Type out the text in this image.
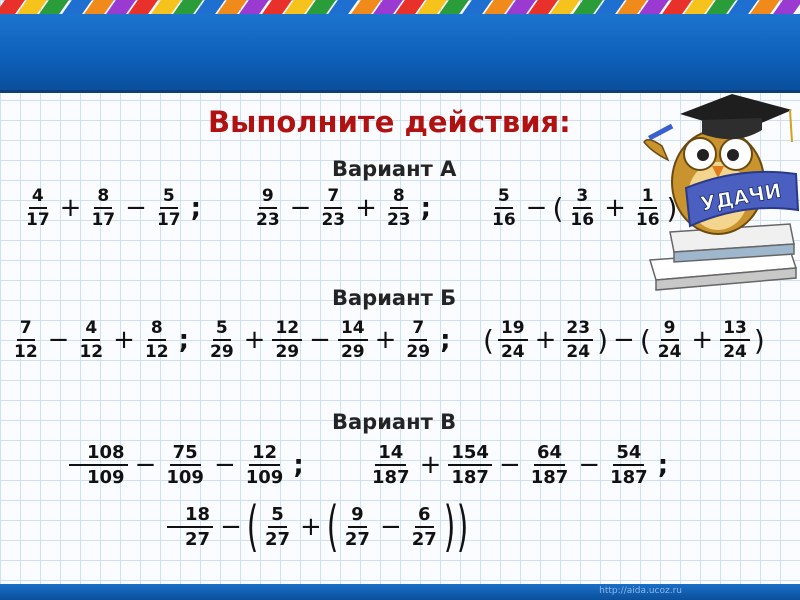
Выполните действия:
Вариант А
$\frac{4}{17} + \frac{8}{17} - \frac{5}{17}$ ;	$\frac{9}{23} - \frac{7}{23} + \frac{8}{23}$ ;	$\frac{5}{16}$ − ( $\frac{3}{16} + \frac{1}{16}$ )
Вариант Б
$\frac{7}{12} - \frac{4}{12} + \frac{8}{12}$ ; $\frac{5}{29} + \frac{12}{29} - \frac{14}{29} + \frac{7}{29}$ ; ( $\frac{19}{24} + \frac{23}{24}$ ) − ( $\frac{9}{24} + \frac{13}{24}$ )
Вариант В
$\frac{108}{109} - \frac{75}{109} - \frac{12}{109}$ ;	$\frac{14}{187} + \frac{154}{187} - \frac{64}{187} - \frac{54}{187}$ ;
$\frac{18}{27}$ − ( $\frac{5}{27}$ + ( $\frac{9}{27} - \frac{6}{27}$ ) )
УДАЧИ
http://aida.ucoz.ru
